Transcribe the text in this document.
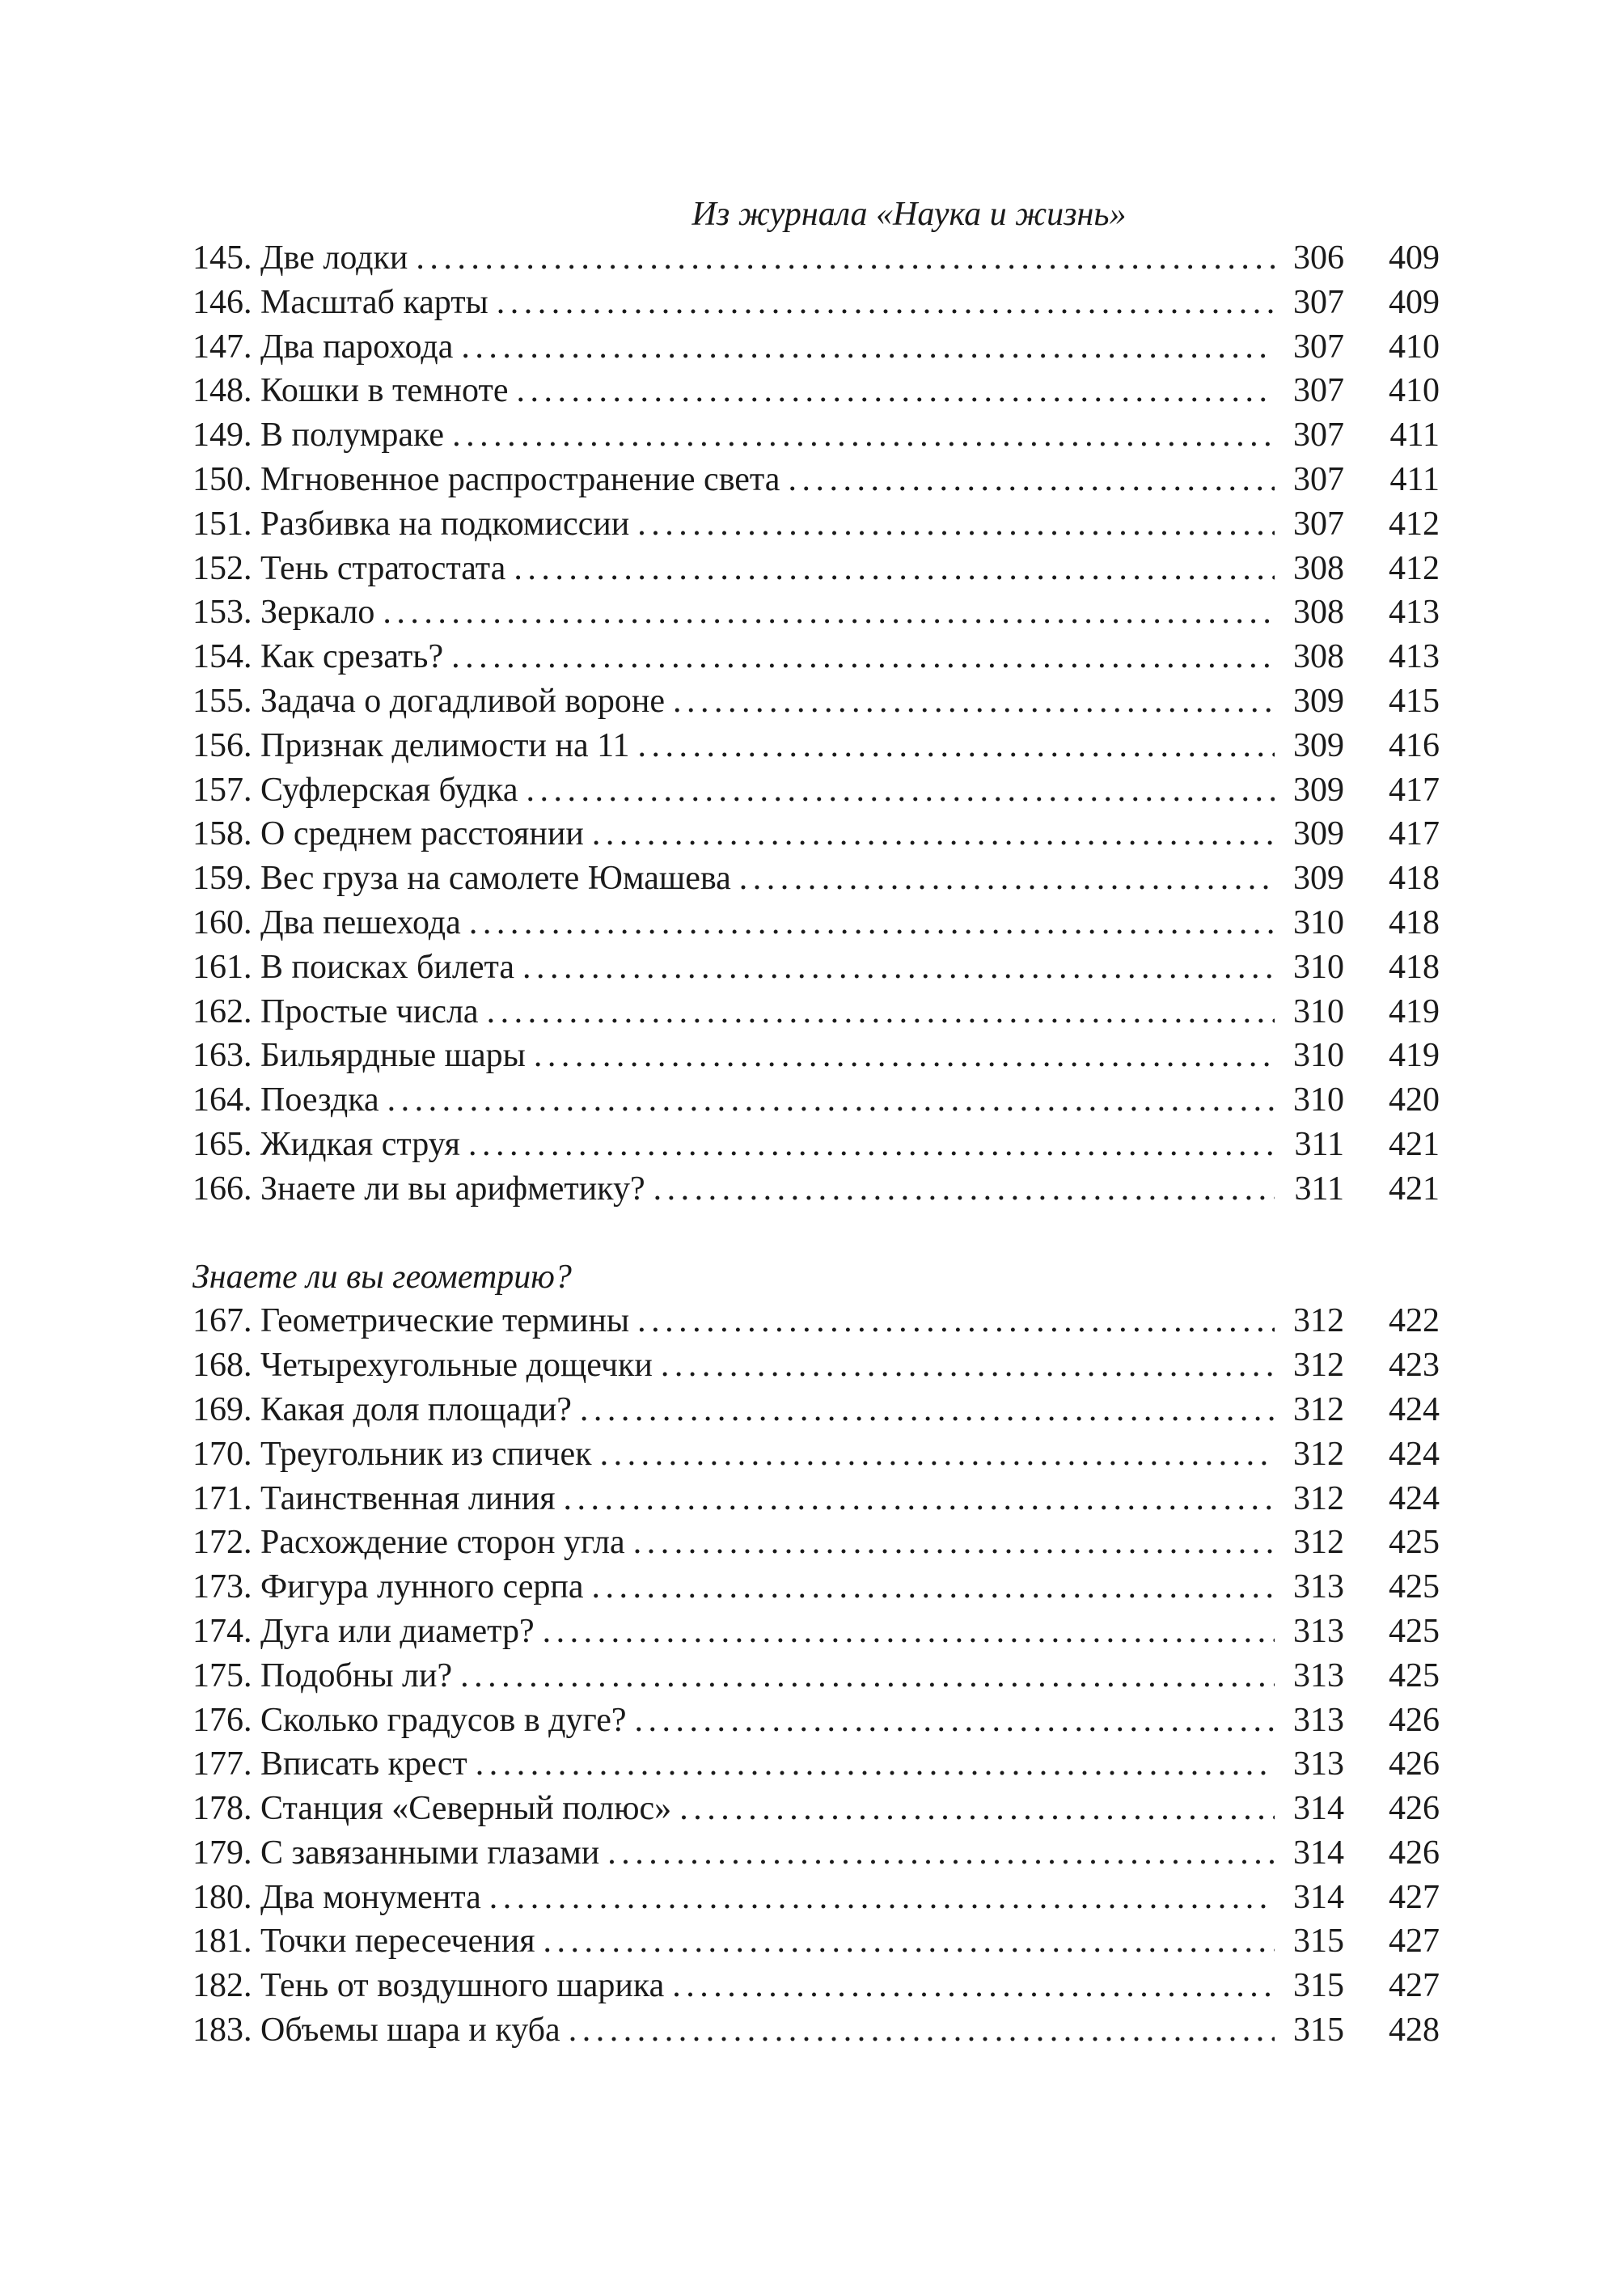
Из журнала «Наука и жизнь»
145. Две лодки . . .	306	409
146. Масштаб карты . . .	307	409
147. Два парохода . . .	307	410
148. Кошки в темноте . . .	307	410
149. В полумраке . . .	307	411
150. Мгновенное распространение света . . .	307	411
151. Разбивка на подкомиссии . . .	307	412
152. Тень стратостата . . .	308	412
153. Зеркало . . .	308	413
154. Как срезать? . . .	308	413
155. Задача о догадливой вороне . . .	309	415
156. Признак делимости на 11 . . .	309	416
157. Суфлерская будка . . .	309	417
158. О среднем расстоянии . . .	309	417
159. Вес груза на самолете Юмашева . . .	309	418
160. Два пешехода . . .	310	418
161. В поисках билета . . .	310	418
162. Простые числа . . .	310	419
163. Бильярдные шары . . .	310	419
164. Поездка . . .	310	420
165. Жидкая струя . . .	311	421
166. Знаете ли вы арифметику? . . .	311	421
Знаете ли вы геометрию?
167. Геометрические термины . . .	312	422
168. Четырехугольные дощечки . . .	312	423
169. Какая доля площади? . . .	312	424
170. Треугольник из спичек . . .	312	424
171. Таинственная линия . . .	312	424
172. Расхождение сторон угла . . .	312	425
173. Фигура лунного серпа . . .	313	425
174. Дуга или диаметр? . . .	313	425
175. Подобны ли? . . .	313	425
176. Сколько градусов в дуге? . . .	313	426
177. Вписать крест . . .	313	426
178. Станция «Северный полюс» . . .	314	426
179. С завязанными глазами . . .	314	426
180. Два монумента . . .	314	427
181. Точки пересечения . . .	315	427
182. Тень от воздушного шарика . . .	315	427
183. Объемы шара и куба . . .	315	428
